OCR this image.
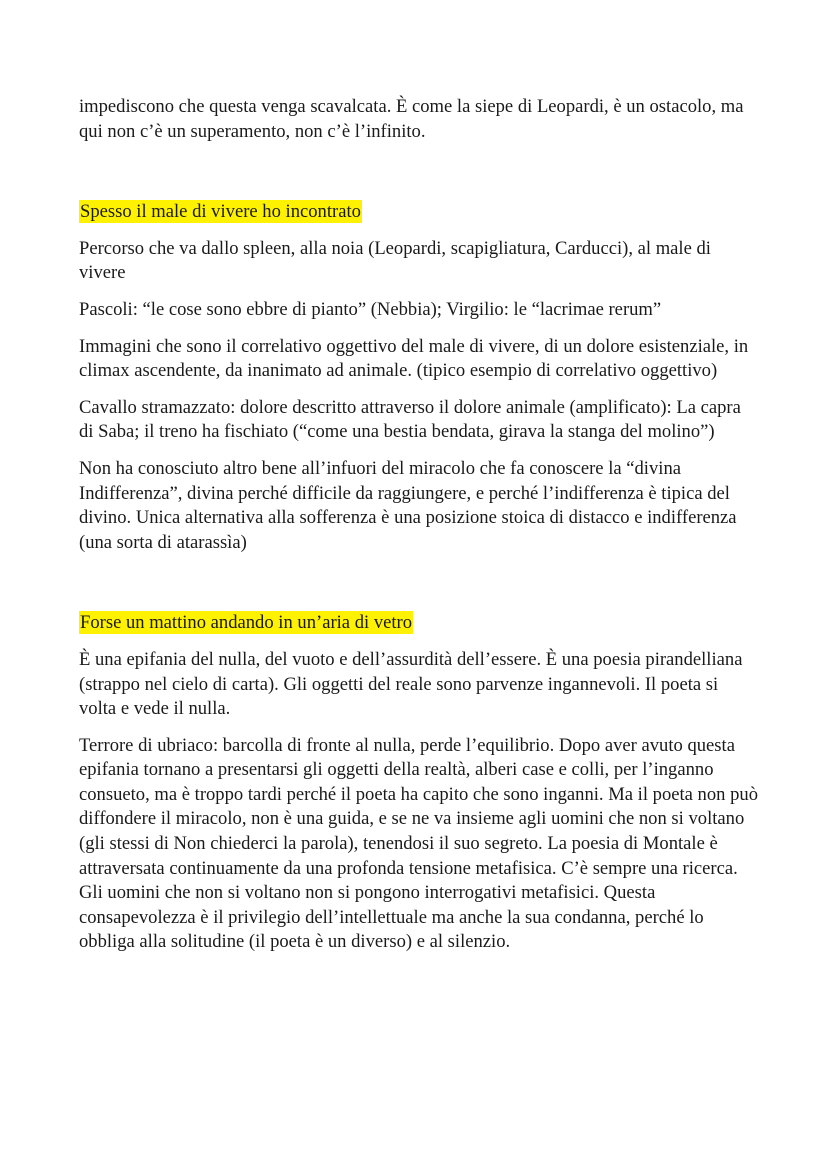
impediscono che questa venga scavalcata. È come la siepe di Leopardi, è un ostacolo, ma qui non c’è un superamento, non c’è l’infinito.

Spesso il male di vivere ho incontrato

Percorso che va dallo spleen, alla noia (Leopardi, scapigliatura, Carducci), al male di vivere

Pascoli: “le cose sono ebbre di pianto” (Nebbia); Virgilio: le “lacrimae rerum”

Immagini che sono il correlativo oggettivo del male di vivere, di un dolore esistenziale, in climax ascendente, da inanimato ad animale. (tipico esempio di correlativo oggettivo)

Cavallo stramazzato: dolore descritto attraverso il dolore animale (amplificato): La capra di Saba; il treno ha fischiato (“come una bestia bendata, girava la stanga del molino”)

Non ha conosciuto altro bene all’infuori del miracolo che fa conoscere la “divina Indifferenza”, divina perché difficile da raggiungere, e perché l’indifferenza è tipica del divino. Unica alternativa alla sofferenza è una posizione stoica di distacco e indifferenza (una sorta di atarassìa)

Forse un mattino andando in un’aria di vetro

È una epifania del nulla, del vuoto e dell’assurdità dell’essere. È una poesia pirandelliana (strappo nel cielo di carta). Gli oggetti del reale sono parvenze ingannevoli. Il poeta si volta e vede il nulla.

Terrore di ubriaco: barcolla di fronte al nulla, perde l’equilibrio. Dopo aver avuto questa epifania tornano a presentarsi gli oggetti della realtà, alberi case e colli, per l’inganno consueto, ma è troppo tardi perché il poeta ha capito che sono inganni. Ma il poeta non può diffondere il miracolo, non è una guida, e se ne va insieme agli uomini che non si voltano (gli stessi di Non chiederci la parola), tenendosi il suo segreto. La poesia di Montale è attraversata continuamente da una profonda tensione metafisica. C’è sempre una ricerca. Gli uomini che non si voltano non si pongono interrogativi metafisici. Questa consapevolezza è il privilegio dell’intellettuale ma anche la sua condanna, perché lo obbliga alla solitudine (il poeta è un diverso) e al silenzio.
